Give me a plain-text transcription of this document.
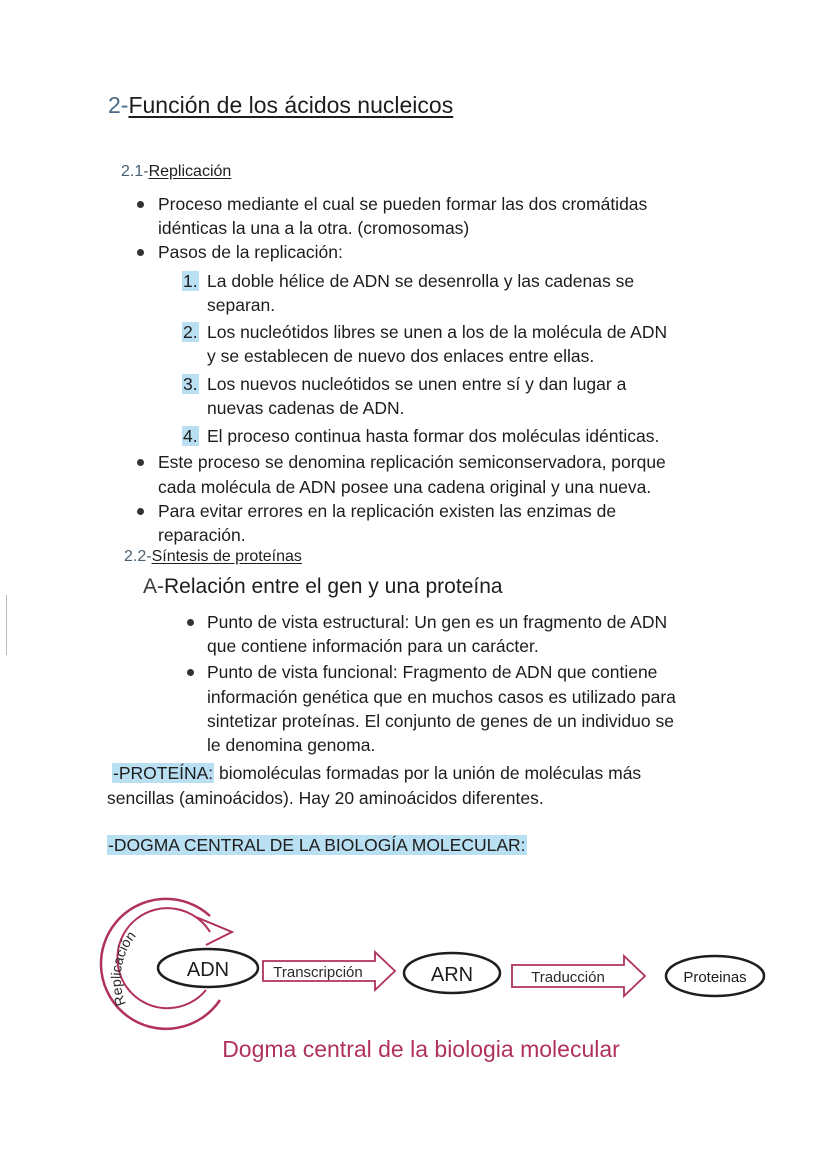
2-Función de los ácidos nucleicos
2.1-Replicación
Proceso mediante el cual se pueden formar las dos cromátidas
idénticas la una a la otra. (cromosomas)
Pasos de la replicación:
1. La doble hélice de ADN se desenrolla y las cadenas se
separan.
2. Los nucleótidos libres se unen a los de la molécula de ADN
y se establecen de nuevo dos enlaces entre ellas.
3. Los nuevos nucleótidos se unen entre sí y dan lugar a
nuevas cadenas de ADN.
4. El proceso continua hasta formar dos moléculas idénticas.
Este proceso se denomina replicación semiconservadora, porque
cada molécula de ADN posee una cadena original y una nueva.
Para evitar errores en la replicación existen las enzimas de
reparación.
2.2-Síntesis de proteínas
A-Relación entre el gen y una proteína
Punto de vista estructural: Un gen es un fragmento de ADN
que contiene información para un carácter.
Punto de vista funcional: Fragmento de ADN que contiene
información genética que en muchos casos es utilizado para
sintetizar proteínas. El conjunto de genes de un individuo se
le denomina genoma.
-PROTEÍNA: biomoléculas formadas por la unión de moléculas más
sencillas (aminoácidos). Hay 20 aminoácidos diferentes.
-DOGMA CENTRAL DE LA BIOLOGÍA MOLECULAR:
Replicación
ADN	Transcripción	ARN	Traducción	Proteinas
Dogma central de la biologia molecular
